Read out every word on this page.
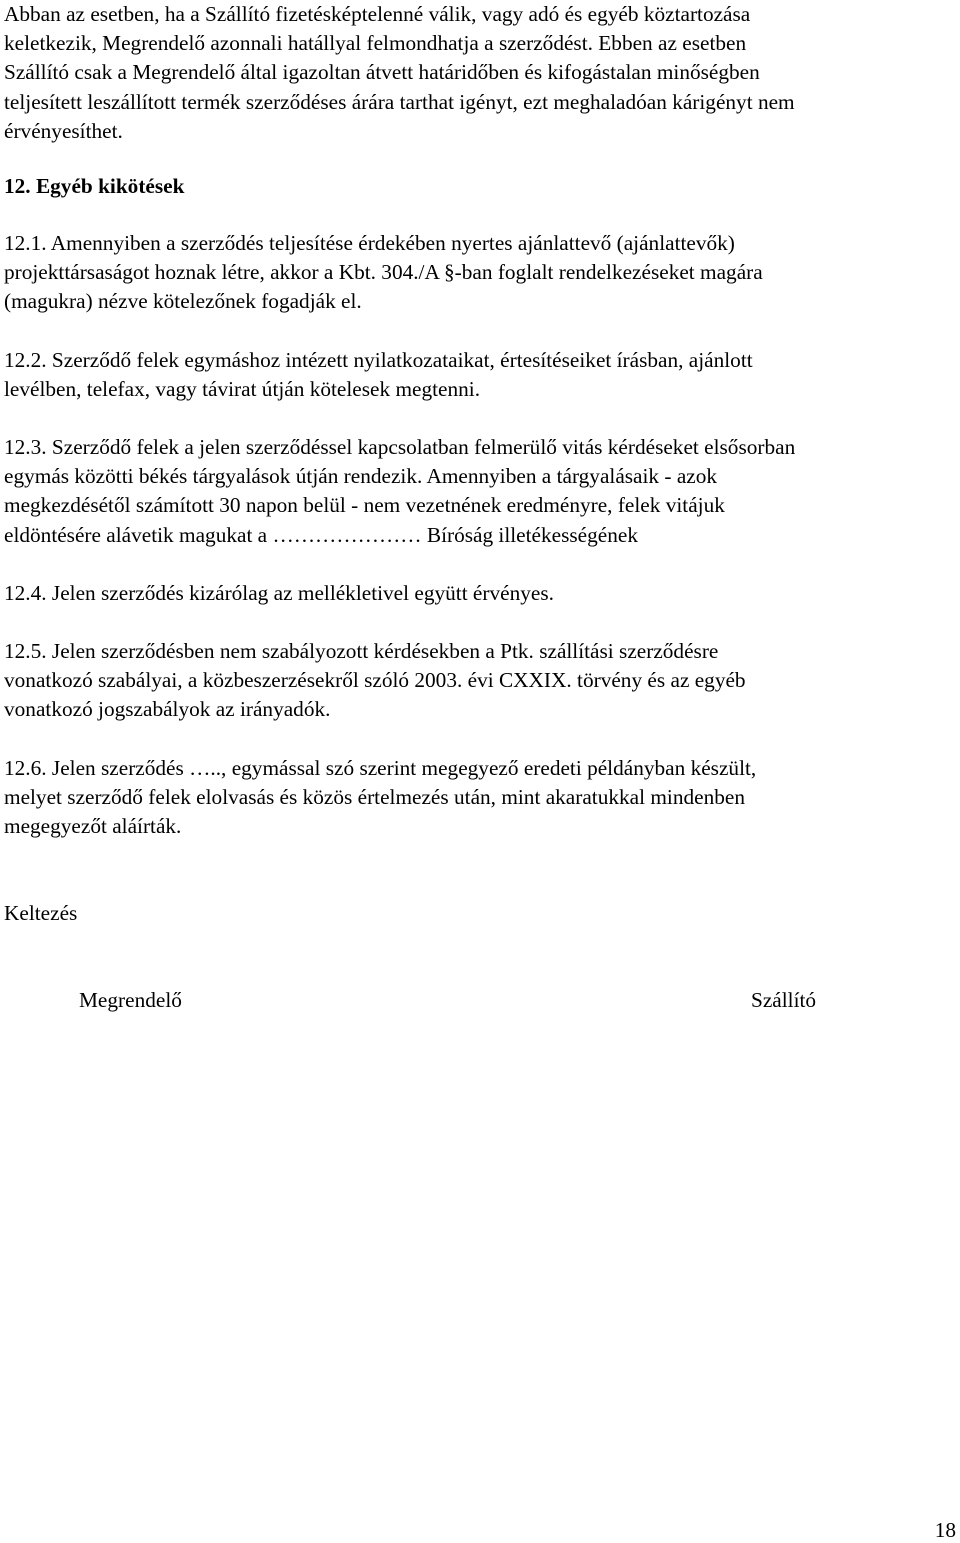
Abban az esetben, ha a Szállító fizetésképtelenné válik, vagy adó és egyéb köztartozása
keletkezik, Megrendelő azonnali hatállyal felmondhatja a szerződést. Ebben az esetben
Szállító csak a Megrendelő által igazoltan átvett határidőben és kifogástalan minőségben
teljesített leszállított termék szerződéses árára tarthat igényt, ezt meghaladóan kárigényt nem
érvényesíthet.
12. Egyéb kikötések
12.1. Amennyiben a szerződés teljesítése érdekében nyertes ajánlattevő (ajánlattevők)
projekttársaságot hoznak létre, akkor a Kbt. 304./A §-ban foglalt rendelkezéseket magára
(magukra) nézve kötelezőnek fogadják el.
12.2. Szerződő felek egymáshoz intézett nyilatkozataikat, értesítéseiket írásban, ajánlott
levélben, telefax, vagy távirat útján kötelesek megtenni.
12.3. Szerződő felek a jelen szerződéssel kapcsolatban felmerülő vitás kérdéseket elsősorban
egymás közötti békés tárgyalások útján rendezik. Amennyiben a tárgyalásaik - azok
megkezdésétől számított 30 napon belül - nem vezetnének eredményre, felek vitájuk
eldöntésére alávetik magukat a ………………… Bíróság illetékességének
12.4. Jelen szerződés kizárólag az mellékletivel együtt érvényes.
12.5. Jelen szerződésben nem szabályozott kérdésekben a Ptk. szállítási szerződésre
vonatkozó szabályai, a közbeszerzésekről szóló 2003. évi CXXIX. törvény és az egyéb
vonatkozó jogszabályok az irányadók.
12.6. Jelen szerződés ….., egymással szó szerint megegyező eredeti példányban készült,
melyet szerződő felek elolvasás és közös értelmezés után, mint akaratukkal mindenben
megegyezőt aláírták.
Keltezés
Megrendelő	Szállító
18
